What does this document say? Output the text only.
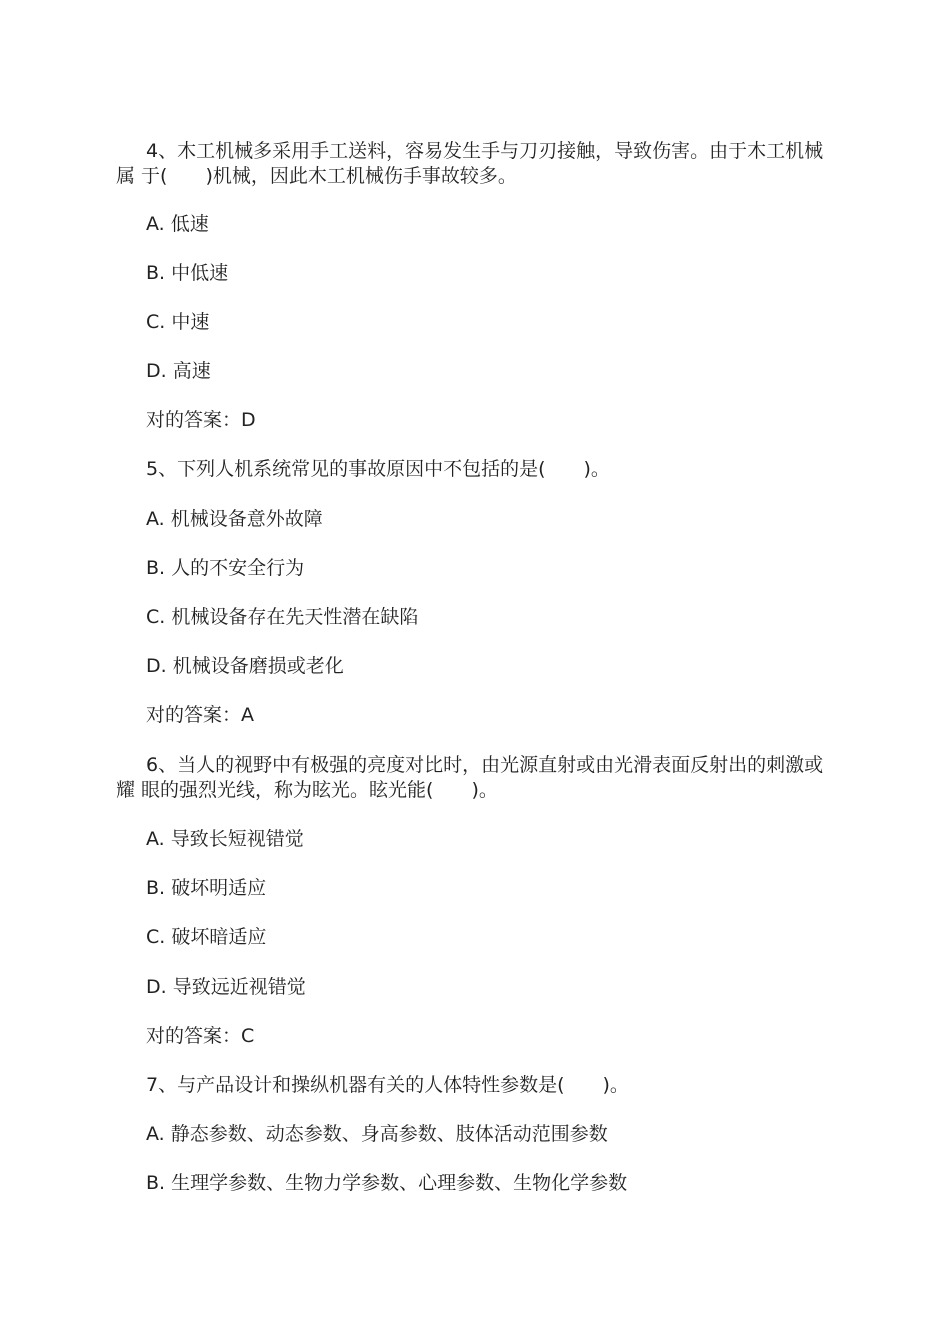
4、木工机械多采用手工送料，容易发生手与刀刃接触，导致伤害。由于木工机械
属 于(　　)机械，因此木工机械伤手事故较多。
A. 低速
B. 中低速
C. 中速
D. 高速
对的答案：D
5、下列人机系统常见的事故原因中不包括的是(　　)。
A. 机械设备意外故障
B. 人的不安全行为
C. 机械设备存在先天性潜在缺陷
D. 机械设备磨损或老化
对的答案：A
6、当人的视野中有极强的亮度对比时，由光源直射或由光滑表面反射出的刺激或
耀 眼的强烈光线，称为眩光。眩光能(　　)。
A. 导致长短视错觉
B. 破坏明适应
C. 破坏暗适应
D. 导致远近视错觉
对的答案：C
7、与产品设计和操纵机器有关的人体特性参数是(　　)。
A. 静态参数、动态参数、身高参数、肢体活动范围参数
B. 生理学参数、生物力学参数、心理参数、生物化学参数
